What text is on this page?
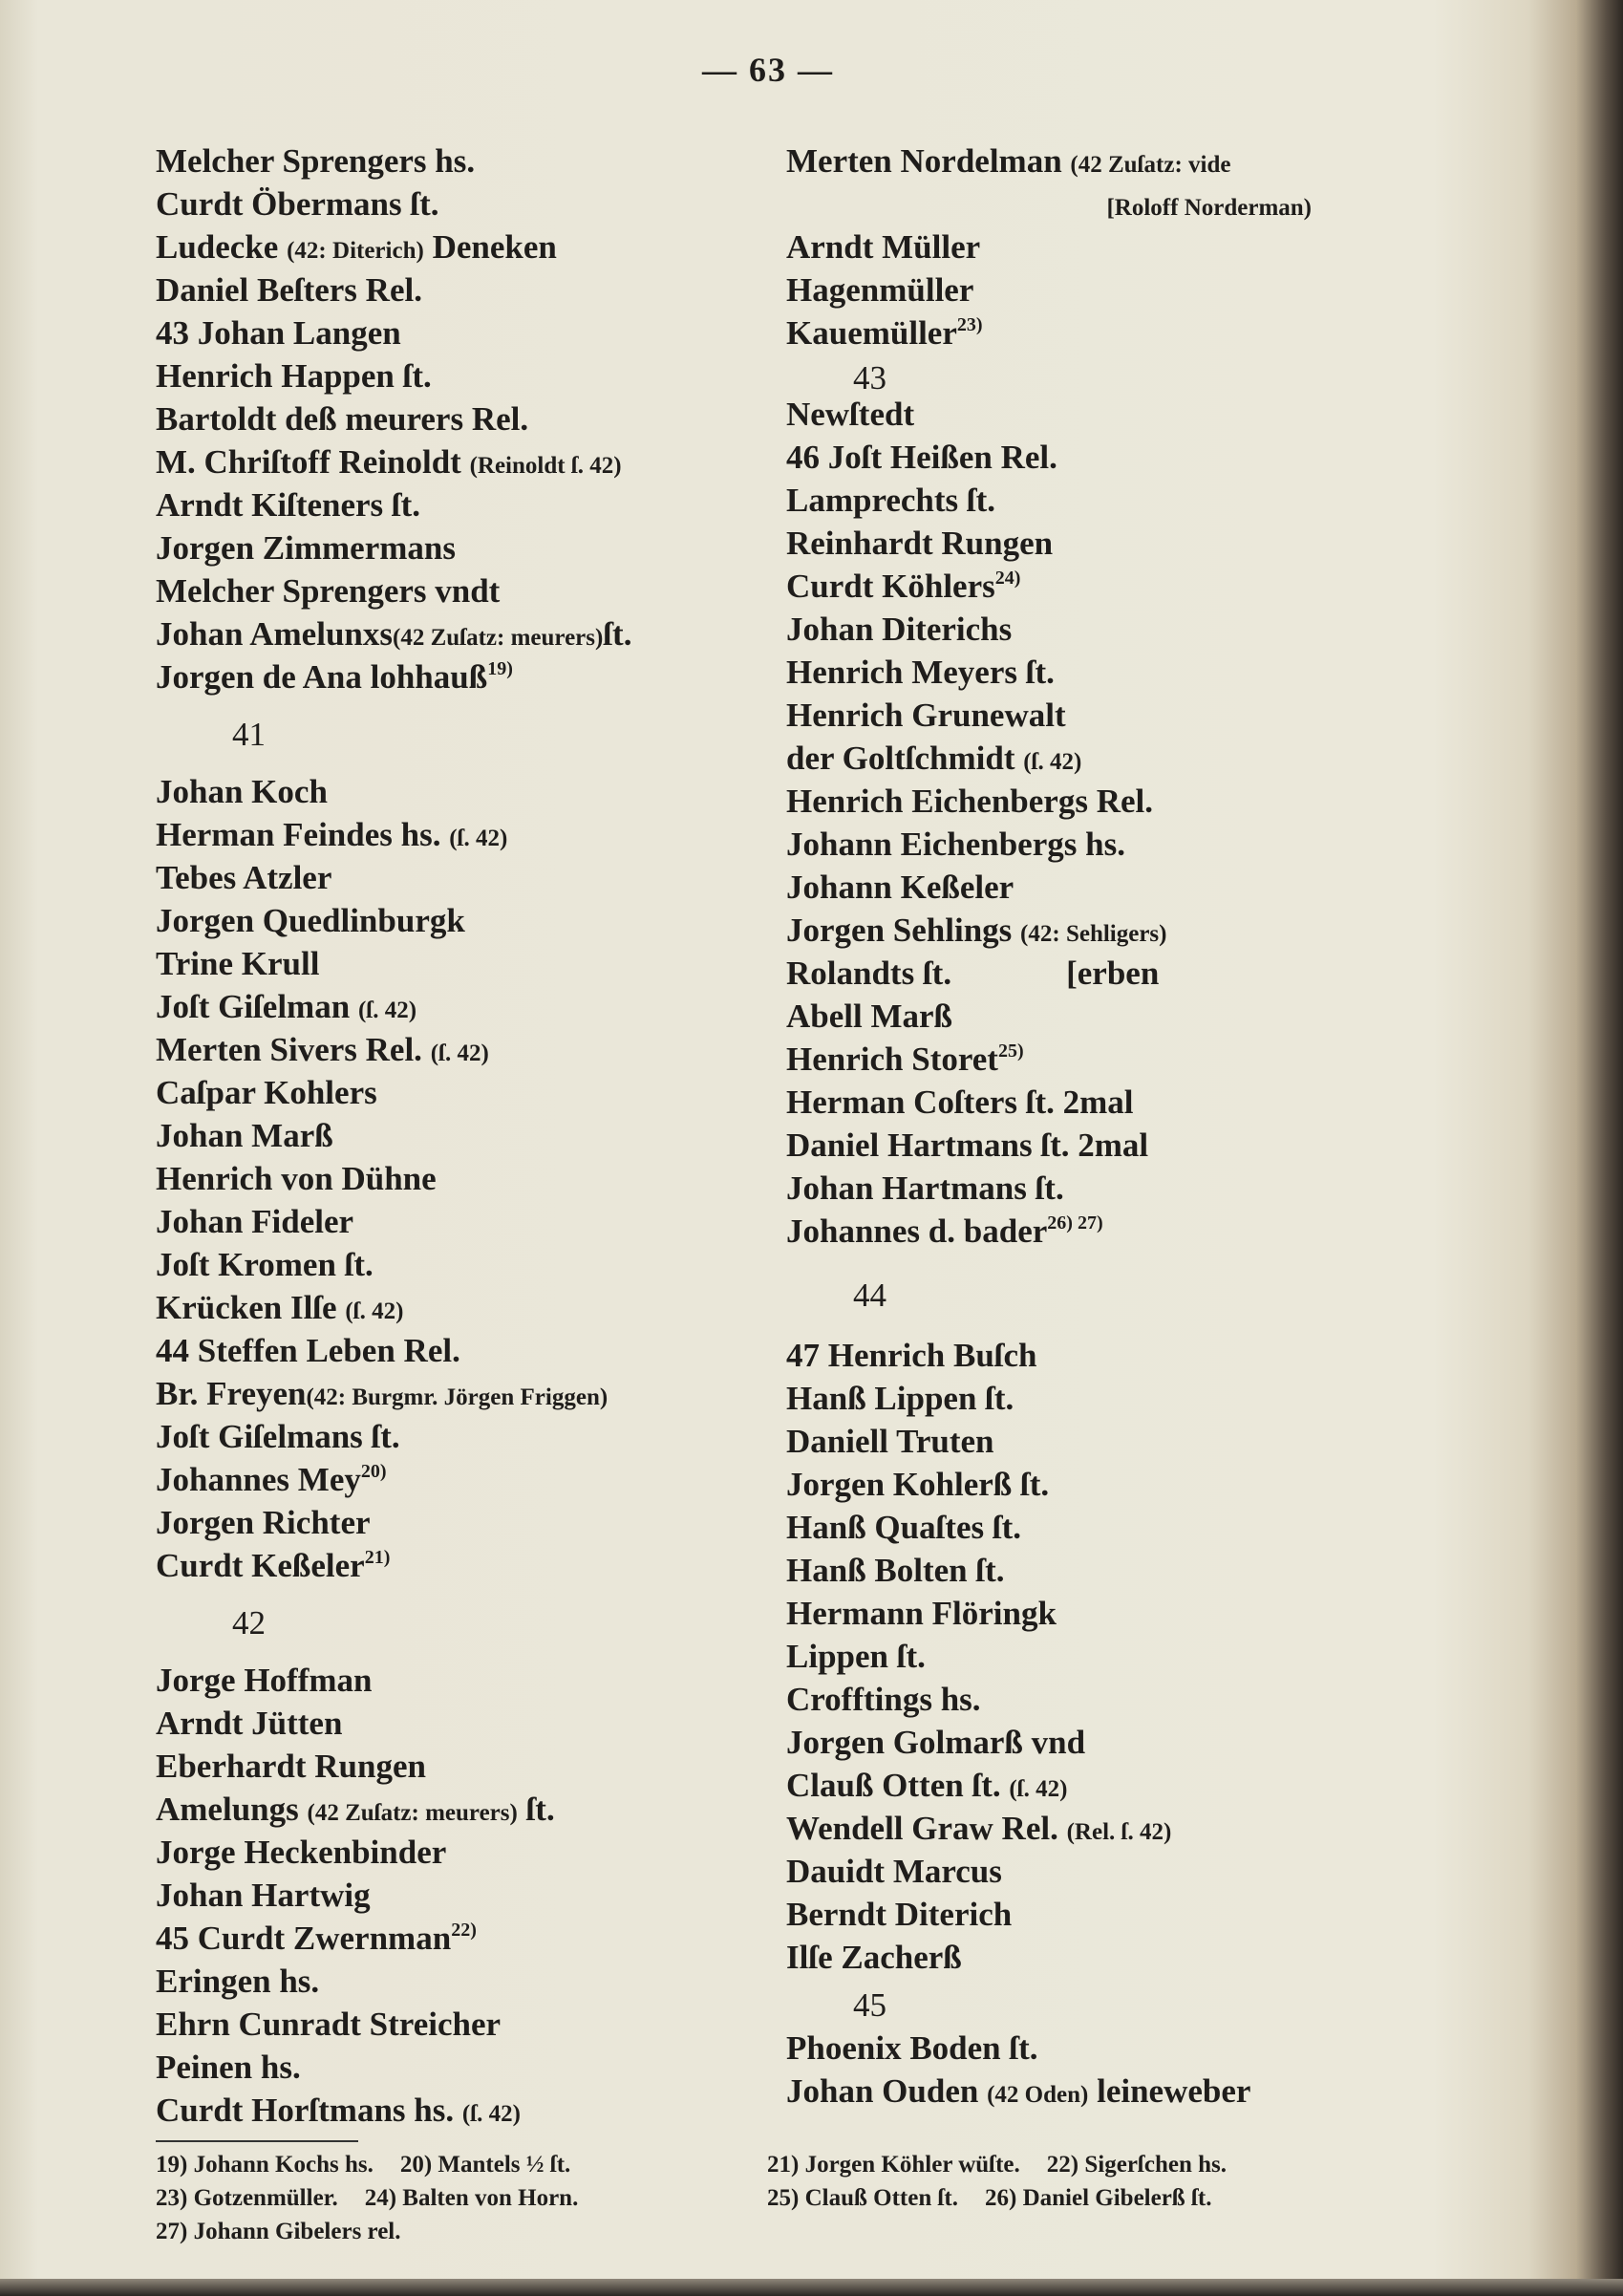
— 63 —
Melcher Sprengers hs.
Curdt Öbermans ſt.
Ludecke (42: Diterich) Deneken
Daniel Beſters Rel.
43 Johan Langen
Henrich Happen ſt.
Bartoldt deß meurers Rel.
M. Chriſtoff Reinoldt (Reinoldt ſ. 42)
Arndt Kiſteners ſt.
Jorgen Zimmermans
Melcher Sprengers vndt
Johan Amelunxs(42 Zuſatz: meurers)ſt.
Jorgen de Ana lohhauß$^{19)}$
41
Johan Koch
Herman Feindes hs. (ſ. 42)
Tebes Atzler
Jorgen Quedlinburgk
Trine Krull
Joſt Giſelman (ſ. 42)
Merten Sivers Rel. (ſ. 42)
Caſpar Kohlers
Johan Marß
Henrich von Dühne
Johan Fideler
Joſt Kromen ſt.
Krücken Ilſe (ſ. 42)
44 Steffen Leben Rel.
Br. Freyen(42: Burgmr. Jörgen Friggen)
Joſt Giſelmans ſt.
Johannes Mey$^{20)}$
Jorgen Richter
Curdt Keßeler$^{21)}$
42
Jorge Hoffman
Arndt Jütten
Eberhardt Rungen
Amelungs (42 Zuſatz: meurers) ſt.
Jorge Heckenbinder
Johan Hartwig
45 Curdt Zwernman$^{22)}$
Eringen hs.
Ehrn Cunradt Streicher
Peinen hs.
Curdt Horſtmans hs. (ſ. 42)
Merten Nordelman (42 Zuſatz: vide
[Roloff Norderman)
Arndt Müller
Hagenmüller
Kauemüller$^{23)}$
43
Newſtedt
46 Joſt Heißen Rel.
Lamprechts ſt.
Reinhardt Rungen
Curdt Köhlers$^{24)}$
Johan Diterichs
Henrich Meyers ſt.
Henrich Grunewalt
der Goltſchmidt (ſ. 42)
Henrich Eichenbergs Rel.
Johann Eichenbergs hs.
Johann Keßeler
Jorgen Sehlings (42: Sehligers)
Rolandts ſt.	[erben
Abell Marß
Henrich Storet$^{25)}$
Herman Coſters ſt. 2mal
Daniel Hartmans ſt. 2mal
Johan Hartmans ſt.
Johannes d. bader$^{26) 27)}$
44
47 Henrich Buſch
Hanß Lippen ſt.
Daniell Truten
Jorgen Kohlerß ſt.
Hanß Quaſtes ſt.
Hanß Bolten ſt.
Hermann Flöringk
Lippen ſt.
Crofftings hs.
Jorgen Golmarß vnd
Clauß Otten ſt. (ſ. 42)
Wendell Graw Rel. (Rel. ſ. 42)
Dauidt Marcus
Berndt Diterich
Ilſe Zacherß
45
Phoenix Boden ſt.
Johan Ouden (42 Oden) leineweber
19) Johann Kochs hs. 20) Mantels ½ ſt.
23) Gotzenmüller. 24) Balten von Horn.
27) Johann Gibelers rel.
21) Jorgen Köhler wüſte. 22) Sigerſchen hs.
25) Clauß Otten ſt. 26) Daniel Gibelerß ſt.
